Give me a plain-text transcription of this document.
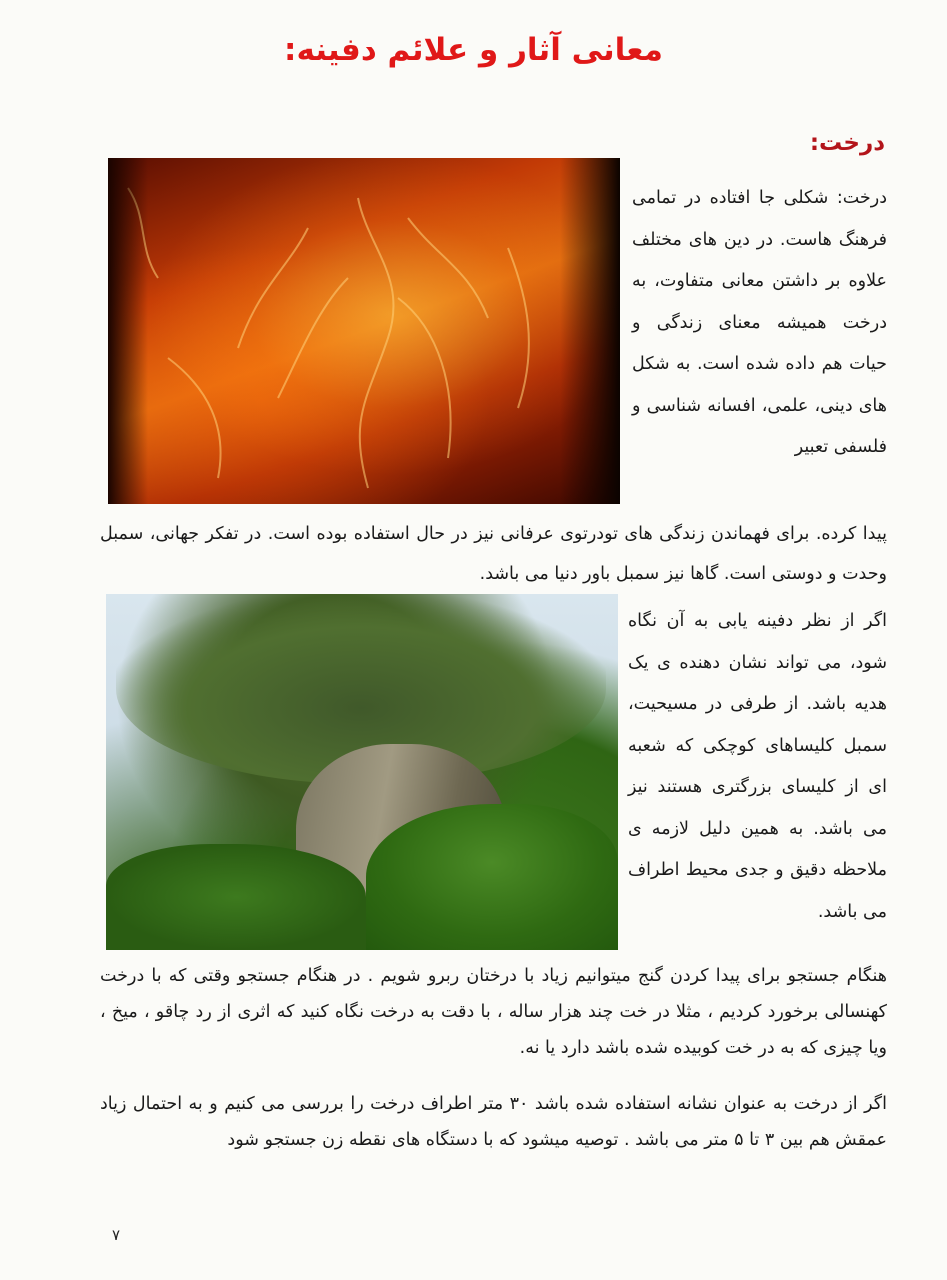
معانی آثار و علائم دفینه:
درخت:
درخت: شکلی جا افتاده در تمامی فرهنگ هاست. در دین های مختلف علاوه بر داشتن معانی متفاوت، به درخت همیشه معنای زندگی و حیات هم داده شده است. به شکل های دینی، علمی، افسانه شناسی و فلسفی تعبیر
پیدا کرده. برای فهماندن زندگی های تودرتوی عرفانی نیز در حال استفاده بوده است. در تفکر جهانی، سمبل وحدت و دوستی است. گاها نیز سمبل باور دنیا می باشد.
اگر از نظر دفینه یابی به آن نگاه شود، می تواند نشان دهنده ی یک هدیه باشد. از طرفی در مسیحیت، سمبل کلیساهای کوچکی که شعبه ای از کلیسای بزرگتری هستند نیز می باشد. به همین دلیل لازمه ی ملاحظه دقیق و جدی محیط اطراف می باشد.
هنگام جستجو برای پیدا کردن گنج میتوانیم زیاد با درختان ربرو شویم . در هنگام جستجو وقتی که با درخت کهنسالی برخورد کردیم ، مثلا در خت چند هزار ساله ، با دقت به درخت نگاه کنید که اثری از رد چاقو ، میخ ، ویا چیزی که به در خت کوبیده شده باشد دارد یا نه.
اگر از درخت به عنوان نشانه استفاده شده باشد ۳۰ متر اطراف درخت را بررسی می کنیم و به احتمال زیاد عمقش هم بین ۳ تا ۵ متر می باشد . توصیه میشود که با دستگاه های نقطه زن جستجو شود
۷
